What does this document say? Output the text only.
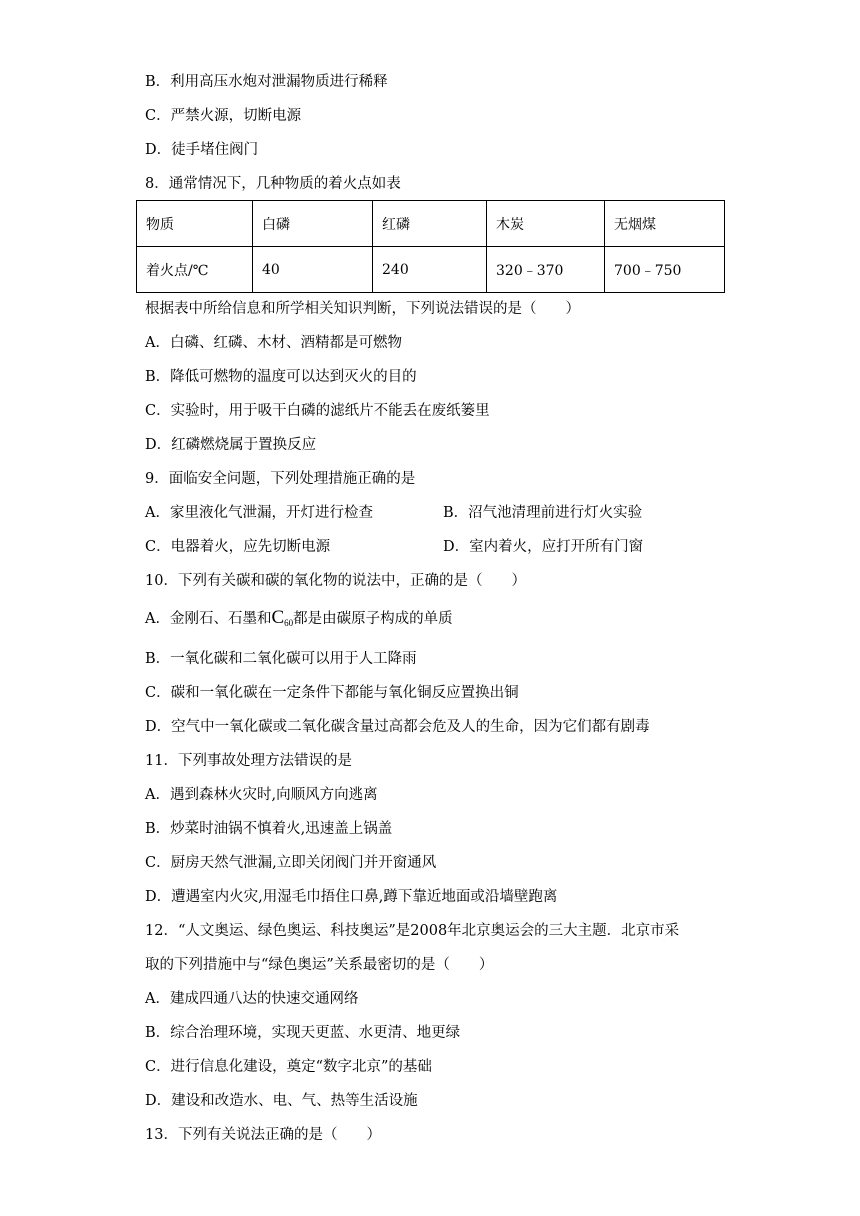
B．利用高压水炮对泄漏物质进行稀释
C．严禁火源，切断电源
D．徒手堵住阀门
8．通常情况下，几种物质的着火点如表
物质	白磷	红磷	木炭	无烟煤
着火点/℃	40	240	320﹣370	700﹣750
根据表中所给信息和所学相关知识判断，下列说法错误的是（　　）
A．白磷、红磷、木材、酒精都是可燃物
B．降低可燃物的温度可以达到灭火的目的
C．实验时，用于吸干白磷的滤纸片不能丢在废纸篓里
D．红磷燃烧属于置换反应
9．面临安全问题，下列处理措施正确的是
A．家里液化气泄漏，开灯进行检查	B．沼气池清理前进行灯火实验
C．电器着火，应先切断电源	D．室内着火，应打开所有门窗
10．下列有关碳和碳的氧化物的说法中，正确的是（　　）
A．金刚石、石墨和$C_{60}$都是由碳原子构成的单质
B．一氧化碳和二氧化碳可以用于人工降雨
C．碳和一氧化碳在一定条件下都能与氧化铜反应置换出铜
D．空气中一氧化碳或二氧化碳含量过高都会危及人的生命，因为它们都有剧毒
11．下列事故处理方法错误的是
A．遇到森林火灾时,向顺风方向逃离
B．炒菜时油锅不慎着火,迅速盖上锅盖
C．厨房天然气泄漏,立即关闭阀门并开窗通风
D．遭遇室内火灾,用湿毛巾捂住口鼻,蹲下靠近地面或沿墙壁跑离
12．“人文奥运、绿色奥运、科技奥运”是2008年北京奥运会的三大主题．北京市采
取的下列措施中与“绿色奥运”关系最密切的是（　　）
A．建成四通八达的快速交通网络
B．综合治理环境，实现天更蓝、水更清、地更绿
C．进行信息化建设，奠定“数字北京”的基础
D．建设和改造水、电、气、热等生活设施
13．下列有关说法正确的是（　　）
